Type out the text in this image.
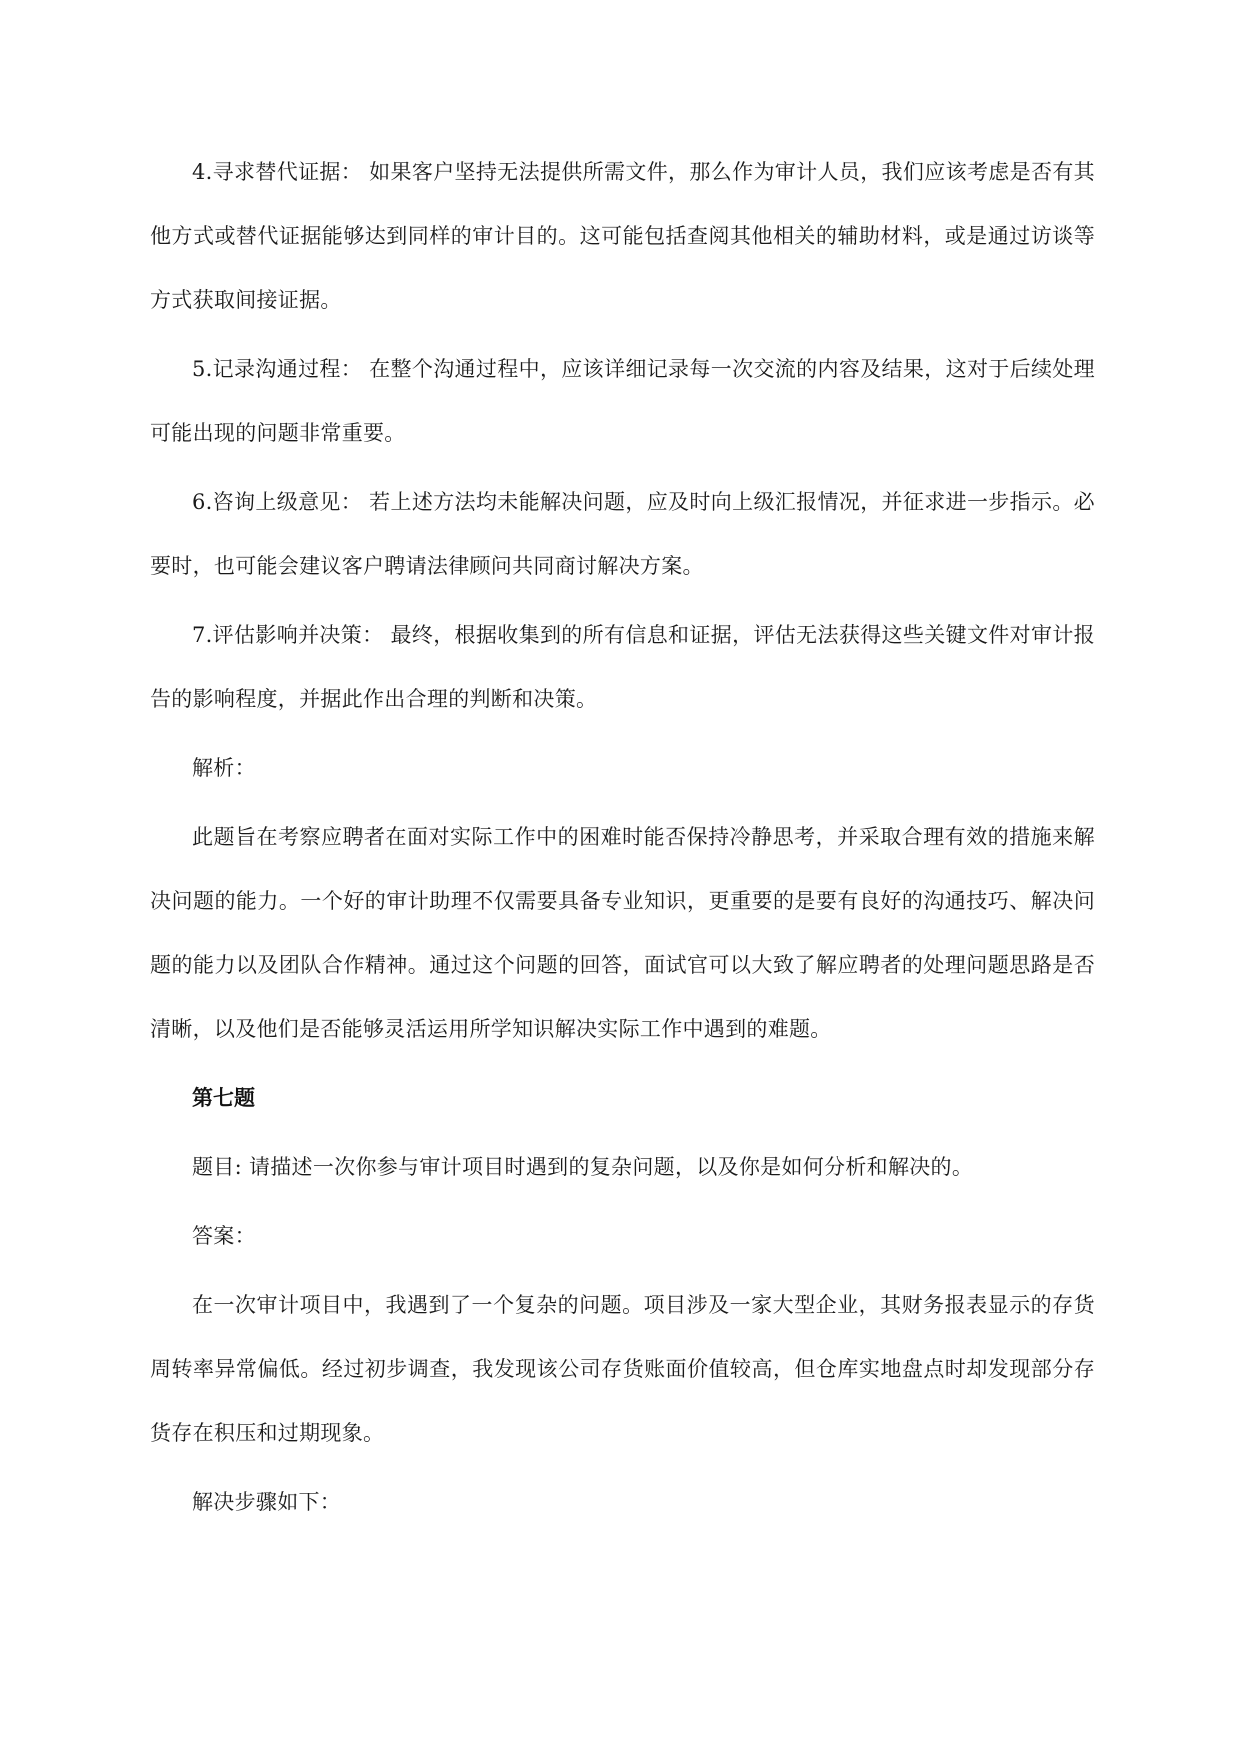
4.寻求替代证据： 如果客户坚持无法提供所需文件，那么作为审计人员，我们应该考虑是否有其他方式或替代证据能够达到同样的审计目的。这可能包括查阅其他相关的辅助材料，或是通过访谈等方式获取间接证据。

5.记录沟通过程： 在整个沟通过程中，应该详细记录每一次交流的内容及结果，这对于后续处理可能出现的问题非常重要。

6.咨询上级意见： 若上述方法均未能解决问题，应及时向上级汇报情况，并征求进一步指示。必要时，也可能会建议客户聘请法律顾问共同商讨解决方案。

7.评估影响并决策： 最终，根据收集到的所有信息和证据，评估无法获得这些关键文件对审计报告的影响程度，并据此作出合理的判断和决策。

解析：

此题旨在考察应聘者在面对实际工作中的困难时能否保持冷静思考，并采取合理有效的措施来解决问题的能力。一个好的审计助理不仅需要具备专业知识，更重要的是要有良好的沟通技巧、解决问题的能力以及团队合作精神。通过这个问题的回答，面试官可以大致了解应聘者的处理问题思路是否清晰，以及他们是否能够灵活运用所学知识解决实际工作中遇到的难题。

第七题

题目: 请描述一次你参与审计项目时遇到的复杂问题，以及你是如何分析和解决的。

答案：

在一次审计项目中，我遇到了一个复杂的问题。项目涉及一家大型企业，其财务报表显示的存货周转率异常偏低。经过初步调查，我发现该公司存货账面价值较高，但仓库实地盘点时却发现部分存货存在积压和过期现象。

解决步骤如下：
